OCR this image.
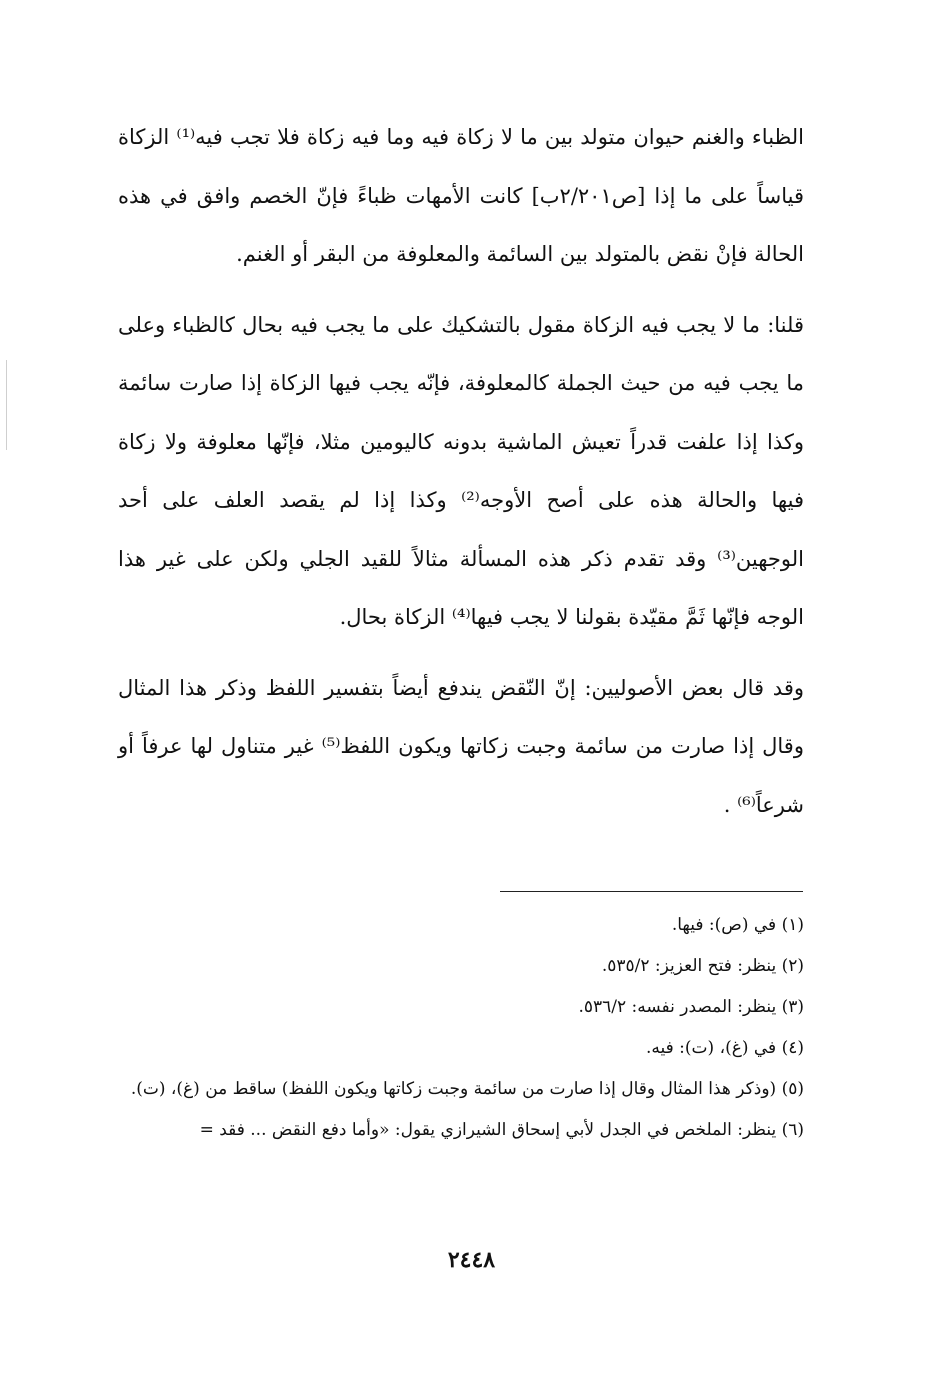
الظباء والغنم حيوان متولد بين ما لا زكاة فيه وما فيه زكاة فلا تجب فيه⁽¹⁾ الزكاة قياساً على ما إذا [ص٢/٢٠١ب] كانت الأمهات ظباءً فإنّ الخصم وافق في هذه الحالة فإنْ نقض بالمتولد بين السائمة والمعلوفة من البقر أو الغنم.

قلنا: ما لا يجب فيه الزكاة مقول بالتشكيك على ما يجب فيه بحال كالظباء وعلى ما يجب فيه من حيث الجملة كالمعلوفة، فإنّه يجب فيها الزكاة إذا صارت سائمة وكذا إذا علفت قدراً تعيش الماشية بدونه كاليومين مثلا، فإنّها معلوفة ولا زكاة فيها والحالة هذه على أصح الأوجه⁽²⁾ وكذا إذا لم يقصد العلف على أحد الوجهين⁽³⁾ وقد تقدم ذكر هذه المسألة مثالاً للقيد الجلي ولكن على غير هذا الوجه فإنّها ثَمَّ مقيّدة بقولنا لا يجب فيها⁽⁴⁾ الزكاة بحال.

وقد قال بعض الأصوليين: إنّ النّقض يندفع أيضاً بتفسير اللفظ وذكر هذا المثال وقال إذا صارت من سائمة وجبت زكاتها ويكون اللفظ⁽⁵⁾ غير متناول لها عرفاً أو شرعاً⁽⁶⁾ .

(١) في (ص): فيها.

(٢) ينظر: فتح العزيز: ٥٣٥/٢.

(٣) ينظر: المصدر نفسه: ٥٣٦/٢.

(٤) في (غ)، (ت): فيه.

(٥) (وذكر هذا المثال وقال إذا صارت من سائمة وجبت زكاتها ويكون اللفظ) ساقط من (غ)، (ت).

(٦) ينظر: الملخص في الجدل لأبي إسحاق الشيرازي يقول: «وأما دفع النقض ... فقد =

٢٤٤٨
